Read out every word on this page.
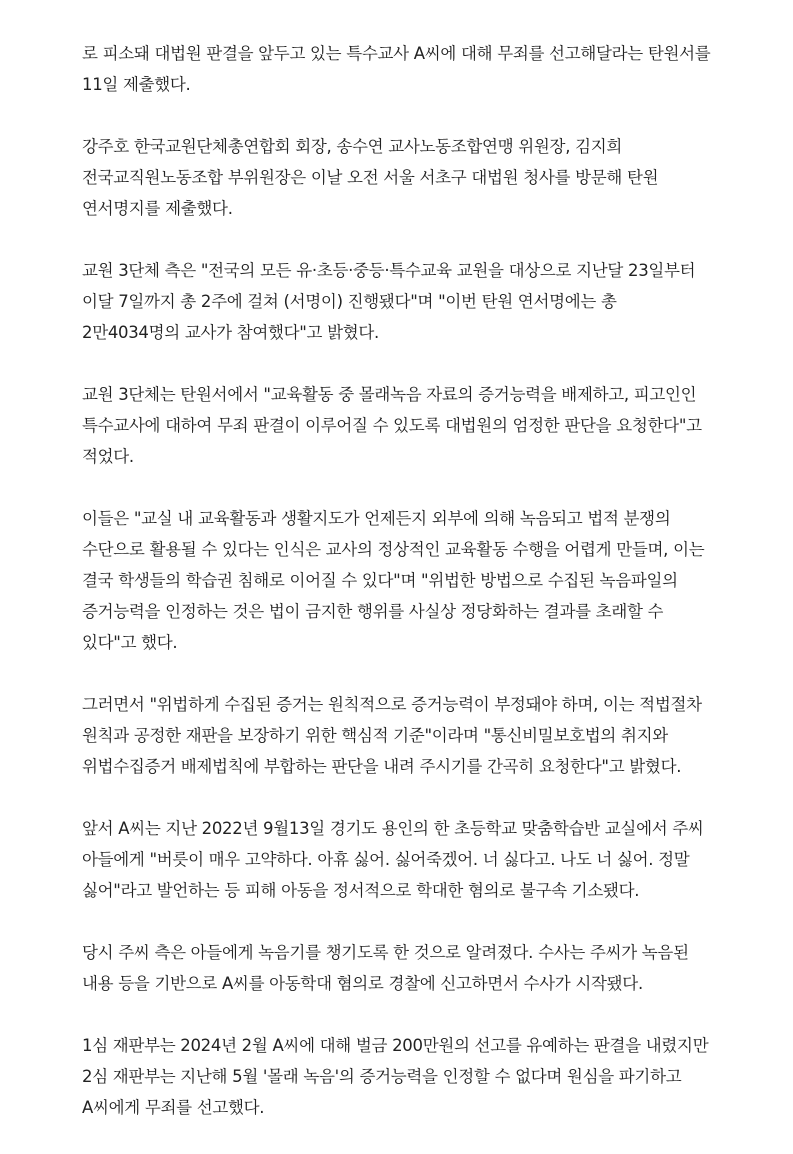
로 피소돼 대법원 판결을 앞두고 있는 특수교사 A씨에 대해 무죄를 선고해달라는 탄원서를 11일 제출했다.

강주호 한국교원단체총연합회 회장, 송수연 교사노동조합연맹 위원장, 김지희 전국교직원노동조합 부위원장은 이날 오전 서울 서초구 대법원 청사를 방문해 탄원 연서명지를 제출했다.

교원 3단체 측은 "전국의 모든 유·초등·중등·특수교육 교원을 대상으로 지난달 23일부터 이달 7일까지 총 2주에 걸쳐 (서명이) 진행됐다"며 "이번 탄원 연서명에는 총 2만4034명의 교사가 참여했다"고 밝혔다.

교원 3단체는 탄원서에서 "교육활동 중 몰래녹음 자료의 증거능력을 배제하고, 피고인인 특수교사에 대하여 무죄 판결이 이루어질 수 있도록 대법원의 엄정한 판단을 요청한다"고 적었다.

이들은 "교실 내 교육활동과 생활지도가 언제든지 외부에 의해 녹음되고 법적 분쟁의 수단으로 활용될 수 있다는 인식은 교사의 정상적인 교육활동 수행을 어렵게 만들며, 이는 결국 학생들의 학습권 침해로 이어질 수 있다"며 "위법한 방법으로 수집된 녹음파일의 증거능력을 인정하는 것은 법이 금지한 행위를 사실상 정당화하는 결과를 초래할 수 있다"고 했다.

그러면서 "위법하게 수집된 증거는 원칙적으로 증거능력이 부정돼야 하며, 이는 적법절차 원칙과 공정한 재판을 보장하기 위한 핵심적 기준"이라며 "통신비밀보호법의 취지와 위법수집증거 배제법칙에 부합하는 판단을 내려 주시기를 간곡히 요청한다"고 밝혔다.

앞서 A씨는 지난 2022년 9월13일 경기도 용인의 한 초등학교 맞춤학습반 교실에서 주씨 아들에게 "버릇이 매우 고약하다. 아휴 싫어. 싫어죽겠어. 너 싫다고. 나도 너 싫어. 정말 싫어"라고 발언하는 등 피해 아동을 정서적으로 학대한 혐의로 불구속 기소됐다.

당시 주씨 측은 아들에게 녹음기를 챙기도록 한 것으로 알려졌다. 수사는 주씨가 녹음된 내용 등을 기반으로 A씨를 아동학대 혐의로 경찰에 신고하면서 수사가 시작됐다.

1심 재판부는 2024년 2월 A씨에 대해 벌금 200만원의 선고를 유예하는 판결을 내렸지만 2심 재판부는 지난해 5월 '몰래 녹음'의 증거능력을 인정할 수 없다며 원심을 파기하고 A씨에게 무죄를 선고했다.
